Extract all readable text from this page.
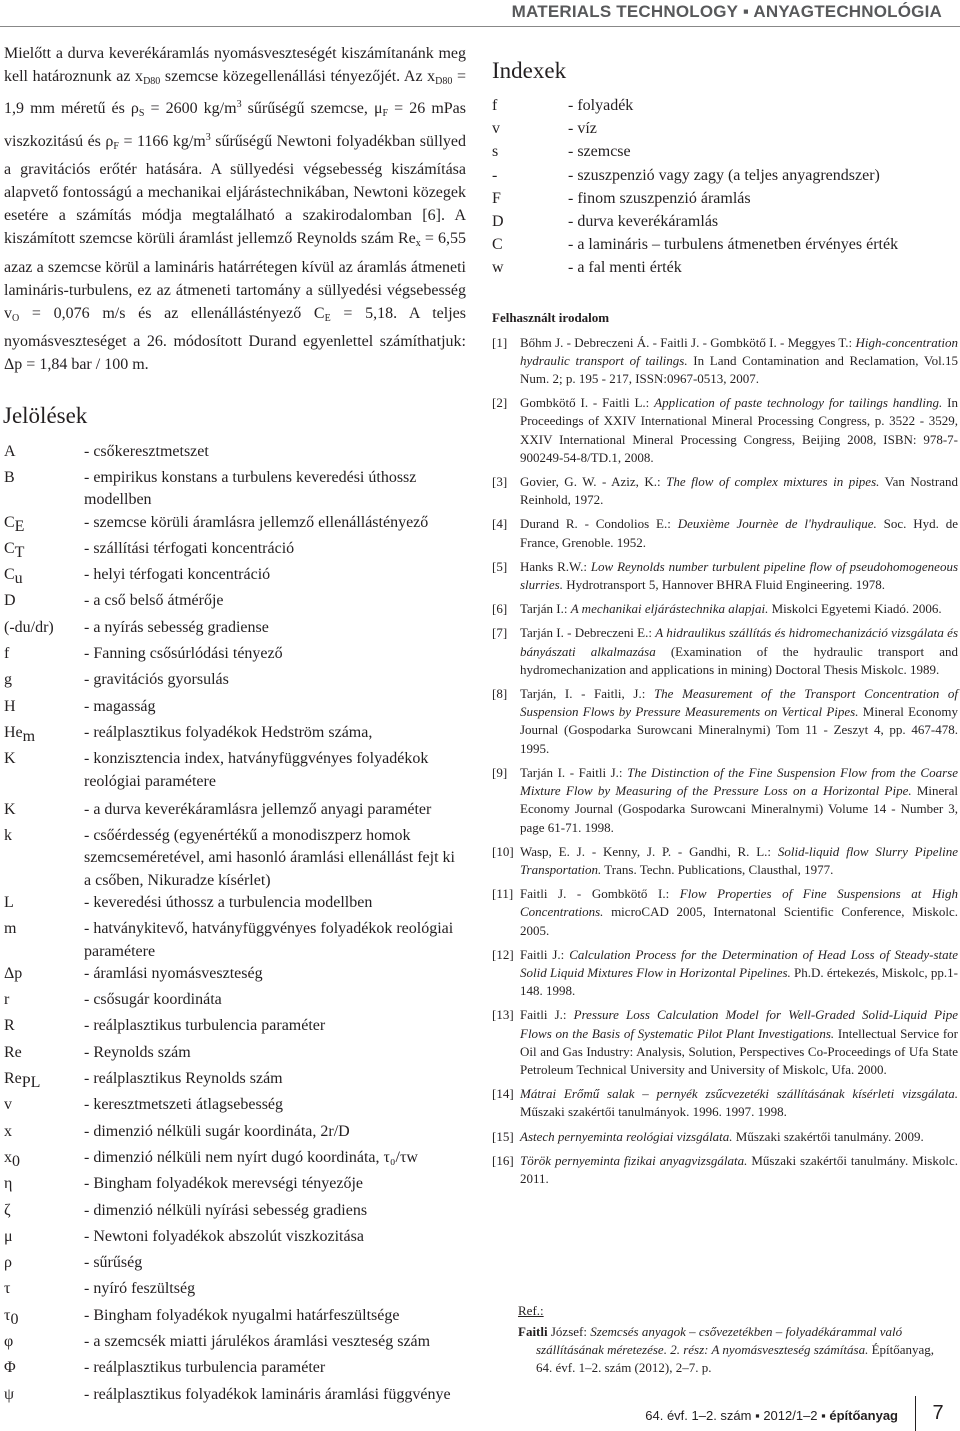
MATERIALS TECHNOLOGY ▪ ANYAGTECHNOLÓGIA

Mielőtt a durva keverékáramlás nyomásveszteségét kiszámítanánk meg kell határoznunk az $x_{D80}$ szemcse közegellenállási tényezőjét. Az $x_{D80} = 1,9$ mm méretű és $\rho_S = 2600$ $kg/m^3$ sűrűségű szemcse, $\mu_F = 26$ mPas viszkozitású és $\rho_F = 1166$ $kg/m^3$ sűrűségű Newtoni folyadékban süllyed a gravitációs erőtér hatására. A süllyedési végsebesség kiszámítása alapvető fontosságú a mechanikai eljárástechnikában, Newtoni közegek esetére a számítás módja megtalálható a szakirodalomban [6]. A kiszámított szemcse körüli áramlást jellemző Reynolds szám $Re_x = 6,55$ azaz a szemcse körül a lamináris határrétegen kívül az áramlás átmeneti lamináris-turbulens, ez az átmeneti tartomány a süllyedési végsebesség $v_O = 0,076$ m/s és az ellenállástényező $C_E = 5,18$. A teljes nyomásveszteséget a 26. módosított Durand egyenlettel számíthatjuk: Δp = 1,84 bar / 100 m.

Jelölések
A	- csőkeresztmetszet
B	- empirikus konstans a turbulens keveredési úthossz modellben
CE	- szemcse körüli áramlásra jellemző ellenállástényező
CT	- szállítási térfogati koncentráció
Cu	- helyi térfogati koncentráció
D	- a cső belső átmérője
(-du/dr)	- a nyírás sebesség gradiense
f	- Fanning csősúrlódási tényező
g	- gravitációs gyorsulás
H	- magasság
Hem	- reálplasztikus folyadékok Hedström száma,
K	- konzisztencia index, hatványfüggvényes folyadékok reológiai paramétere
K	- a durva keverékáramlásra jellemző anyagi paraméter
k	- csőérdesség (egyenértékű a monodiszperz homok szemcseméretével, ami hasonló áramlási ellenállást fejt ki a csőben, Nikuradze kísérlet)
L	- keveredési úthossz a turbulencia modellben
m	- hatványkitevő, hatványfüggvényes folyadékok reológiai paramétere
Δp	- áramlási nyomásveszteség
r	- csősugár koordináta
R	- reálplasztikus turbulencia paraméter
Re	- Reynolds szám
RePL	- reálplasztikus Reynolds szám
v	- keresztmetszeti átlagsebesség
x	- dimenzió nélküli sugár koordináta, 2r/D
x0	- dimenzió nélküli nem nyírt dugó koordináta, τ₀/τw
η	- Bingham folyadékok merevségi tényezője
ζ	- dimenzió nélküli nyírási sebesség gradiens
μ	- Newtoni folyadékok abszolút viszkozitása
ρ	- sűrűség
τ	- nyíró feszültség
τ0	- Bingham folyadékok nyugalmi határfeszültsége
φ	- a szemcsék miatti járulékos áramlási veszteség szám
Φ	- reálplasztikus turbulencia paraméter
ψ	- reálplasztikus folyadékok lamináris áramlási függvénye
Indexek
f	- folyadék
v	- víz
s	- szemcse
-	- szuszpenzió vagy zagy (a teljes anyagrendszer)
F	- finom szuszpenzió áramlás
D	- durva keverékáramlás
C	- a lamináris – turbulens átmenetben érvényes érték
w	- a fal menti érték
Felhasznált irodalom
[1] Bőhm J. - Debreczeni Á. - Faitli J. - Gombkötő I. - Meggyes T.: High-concentration hydraulic transport of tailings. In Land Contamination and Reclamation, Vol.15 Num. 2; p. 195 - 217, ISSN:0967-0513, 2007.
[2] Gombkötő I. - Faitli L.: Application of paste technology for tailings handling. In Proceedings of XXIV International Mineral Processing Congress, p. 3522 - 3529, XXIV International Mineral Processing Congress, Beijing 2008, ISBN: 978-7-900249-54-8/TD.1, 2008.
[3] Govier, G. W. - Aziz, K.: The flow of complex mixtures in pipes. Van Nostrand Reinhold, 1972.
[4] Durand R. - Condolios E.: Deuxième Journèe de l'hydraulique. Soc. Hyd. de France, Grenoble. 1952.
[5] Hanks R.W.: Low Reynolds number turbulent pipeline flow of pseudohomogeneous slurries. Hydrotransport 5, Hannover BHRA Fluid Engineering. 1978.
[6] Tarján I.: A mechanikai eljárástechnika alapjai. Miskolci Egyetemi Kiadó. 2006.
[7] Tarján I. - Debreczeni E.: A hidraulikus szállítás és hidromechanizáció vizsgálata és bányászati alkalmazása (Examination of the hydraulic transport and hydromechanization and applications in mining) Doctoral Thesis Miskolc. 1989.
[8] Tarján, I. - Faitli, J.: The Measurement of the Transport Concentration of Suspension Flows by Pressure Measurements on Vertical Pipes. Mineral Economy Journal (Gospodarka Surowcani Mineralnymi) Tom 11 - Zeszyt 4, pp. 467-478. 1995.
[9] Tarján I. - Faitli J.: The Distinction of the Fine Suspension Flow from the Coarse Mixture Flow by Measuring of the Pressure Loss on a Horizontal Pipe. Mineral Economy Journal (Gospodarka Surowcani Mineralnymi) Volume 14 - Number 3, page 61-71. 1998.
[10] Wasp, E. J. - Kenny, J. P. - Gandhi, R. L.: Solid-liquid flow Slurry Pipeline Transportation. Trans. Techn. Publications, Clausthal, 1977.
[11] Faitli J. - Gombkötő I.: Flow Properties of Fine Suspensions at High Concentrations. microCAD 2005, Internatonal Scientific Conference, Miskolc. 2005.
[12] Faitli J.: Calculation Process for the Determination of Head Loss of Steady-state Solid Liquid Mixtures Flow in Horizontal Pipelines. Ph.D. értekezés, Miskolc, pp.1-148. 1998.
[13] Faitli J.: Pressure Loss Calculation Model for Well-Graded Solid-Liquid Pipe Flows on the Basis of Systematic Pilot Plant Investigations. Intellectual Service for Oil and Gas Industry: Analysis, Solution, Perspectives Co-Proceedings of Ufa State Petroleum Technical University and University of Miskolc, Ufa. 2000.
[14] Mátrai Erőmű salak – pernyék zsűcvezetéki szállításának kísérleti vizsgálata. Műszaki szakértői tanulmányok. 1996. 1997. 1998.
[15] Astech pernyeminta reológiai vizsgálata. Műszaki szakértői tanulmány. 2009.
[16] Török pernyeminta fizikai anyagvizsgálata. Műszaki szakértői tanulmány. Miskolc. 2011.
Ref.:
Faitli József: Szemcsés anyagok – csővezetékben – folyadékárammal való szállításának méretezése. 2. rész: A nyomásveszteség számítása. Építőanyag, 64. évf. 1–2. szám (2012), 2–7. p.
64. évf. 1–2. szám ▪ 2012/1–2 ▪ építőanyag	7
